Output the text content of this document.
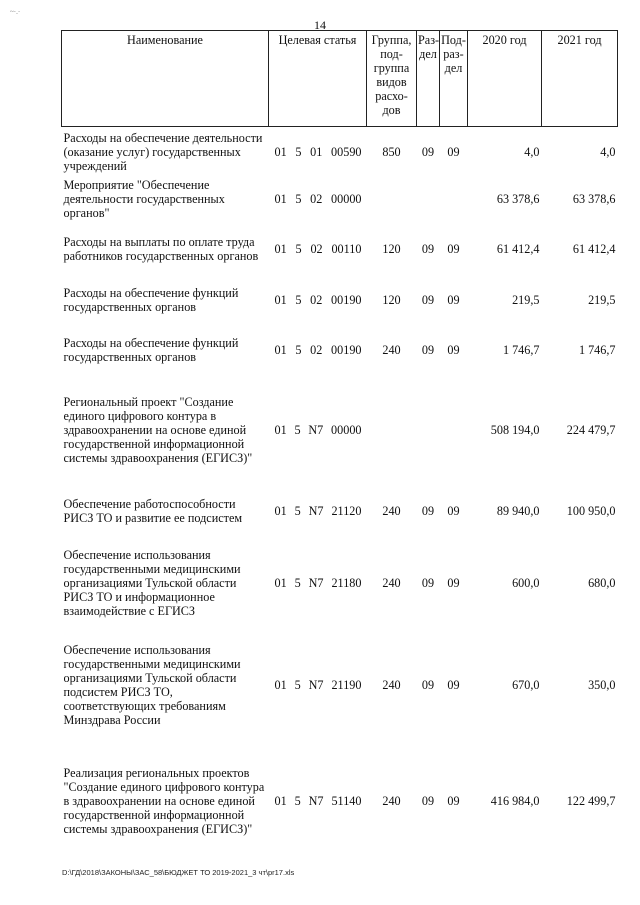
~·.·
14
Наименование	Целевая статья	Группа, под- группа видов расхо- дов	Раз- дел	Под- раз- дел	2020 год	2021 год
Расходы на обеспечение деятельности (оказание услуг) государственных учреждений	01 5 01 00590	850	09	09	4,0	4,0
Мероприятие "Обеспечение деятельности государственных органов"	01 5 02 00000				63 378,6	63 378,6
Расходы на выплаты по оплате труда работников государственных органов	01 5 02 00110	120	09	09	61 412,4	61 412,4
Расходы на обеспечение функций государственных органов	01 5 02 00190	120	09	09	219,5	219,5
Расходы на обеспечение функций государственных органов	01 5 02 00190	240	09	09	1 746,7	1 746,7
Региональный проект "Создание единого цифрового контура в здравоохранении на основе единой государственной информационной системы здравоохранения (ЕГИСЗ)"	01 5 N7 00000				508 194,0	224 479,7
Обеспечение работоспособности РИСЗ ТО и развитие ее подсистем	01 5 N7 21120	240	09	09	89 940,0	100 950,0
Обеспечение использования государственными медицинскими организациями Тульской области РИСЗ ТО и информационное взаимодействие с ЕГИСЗ	01 5 N7 21180	240	09	09	600,0	680,0
Обеспечение использования государственными медицинскими организациями Тульской области подсистем РИСЗ ТО, соответствующих требованиям Минздрава России	01 5 N7 21190	240	09	09	670,0	350,0
Реализация региональных проектов "Создание единого цифрового контура в здравоохранении на основе единой государственной информационной системы здравоохранения (ЕГИСЗ)"	01 5 N7 51140	240	09	09	416 984,0	122 499,7
D:\ГД\2018\ЗАКОНЫ\ЗАС_58\БЮДЖЕТ ТО 2019-2021_3 чт\pr17.xls
